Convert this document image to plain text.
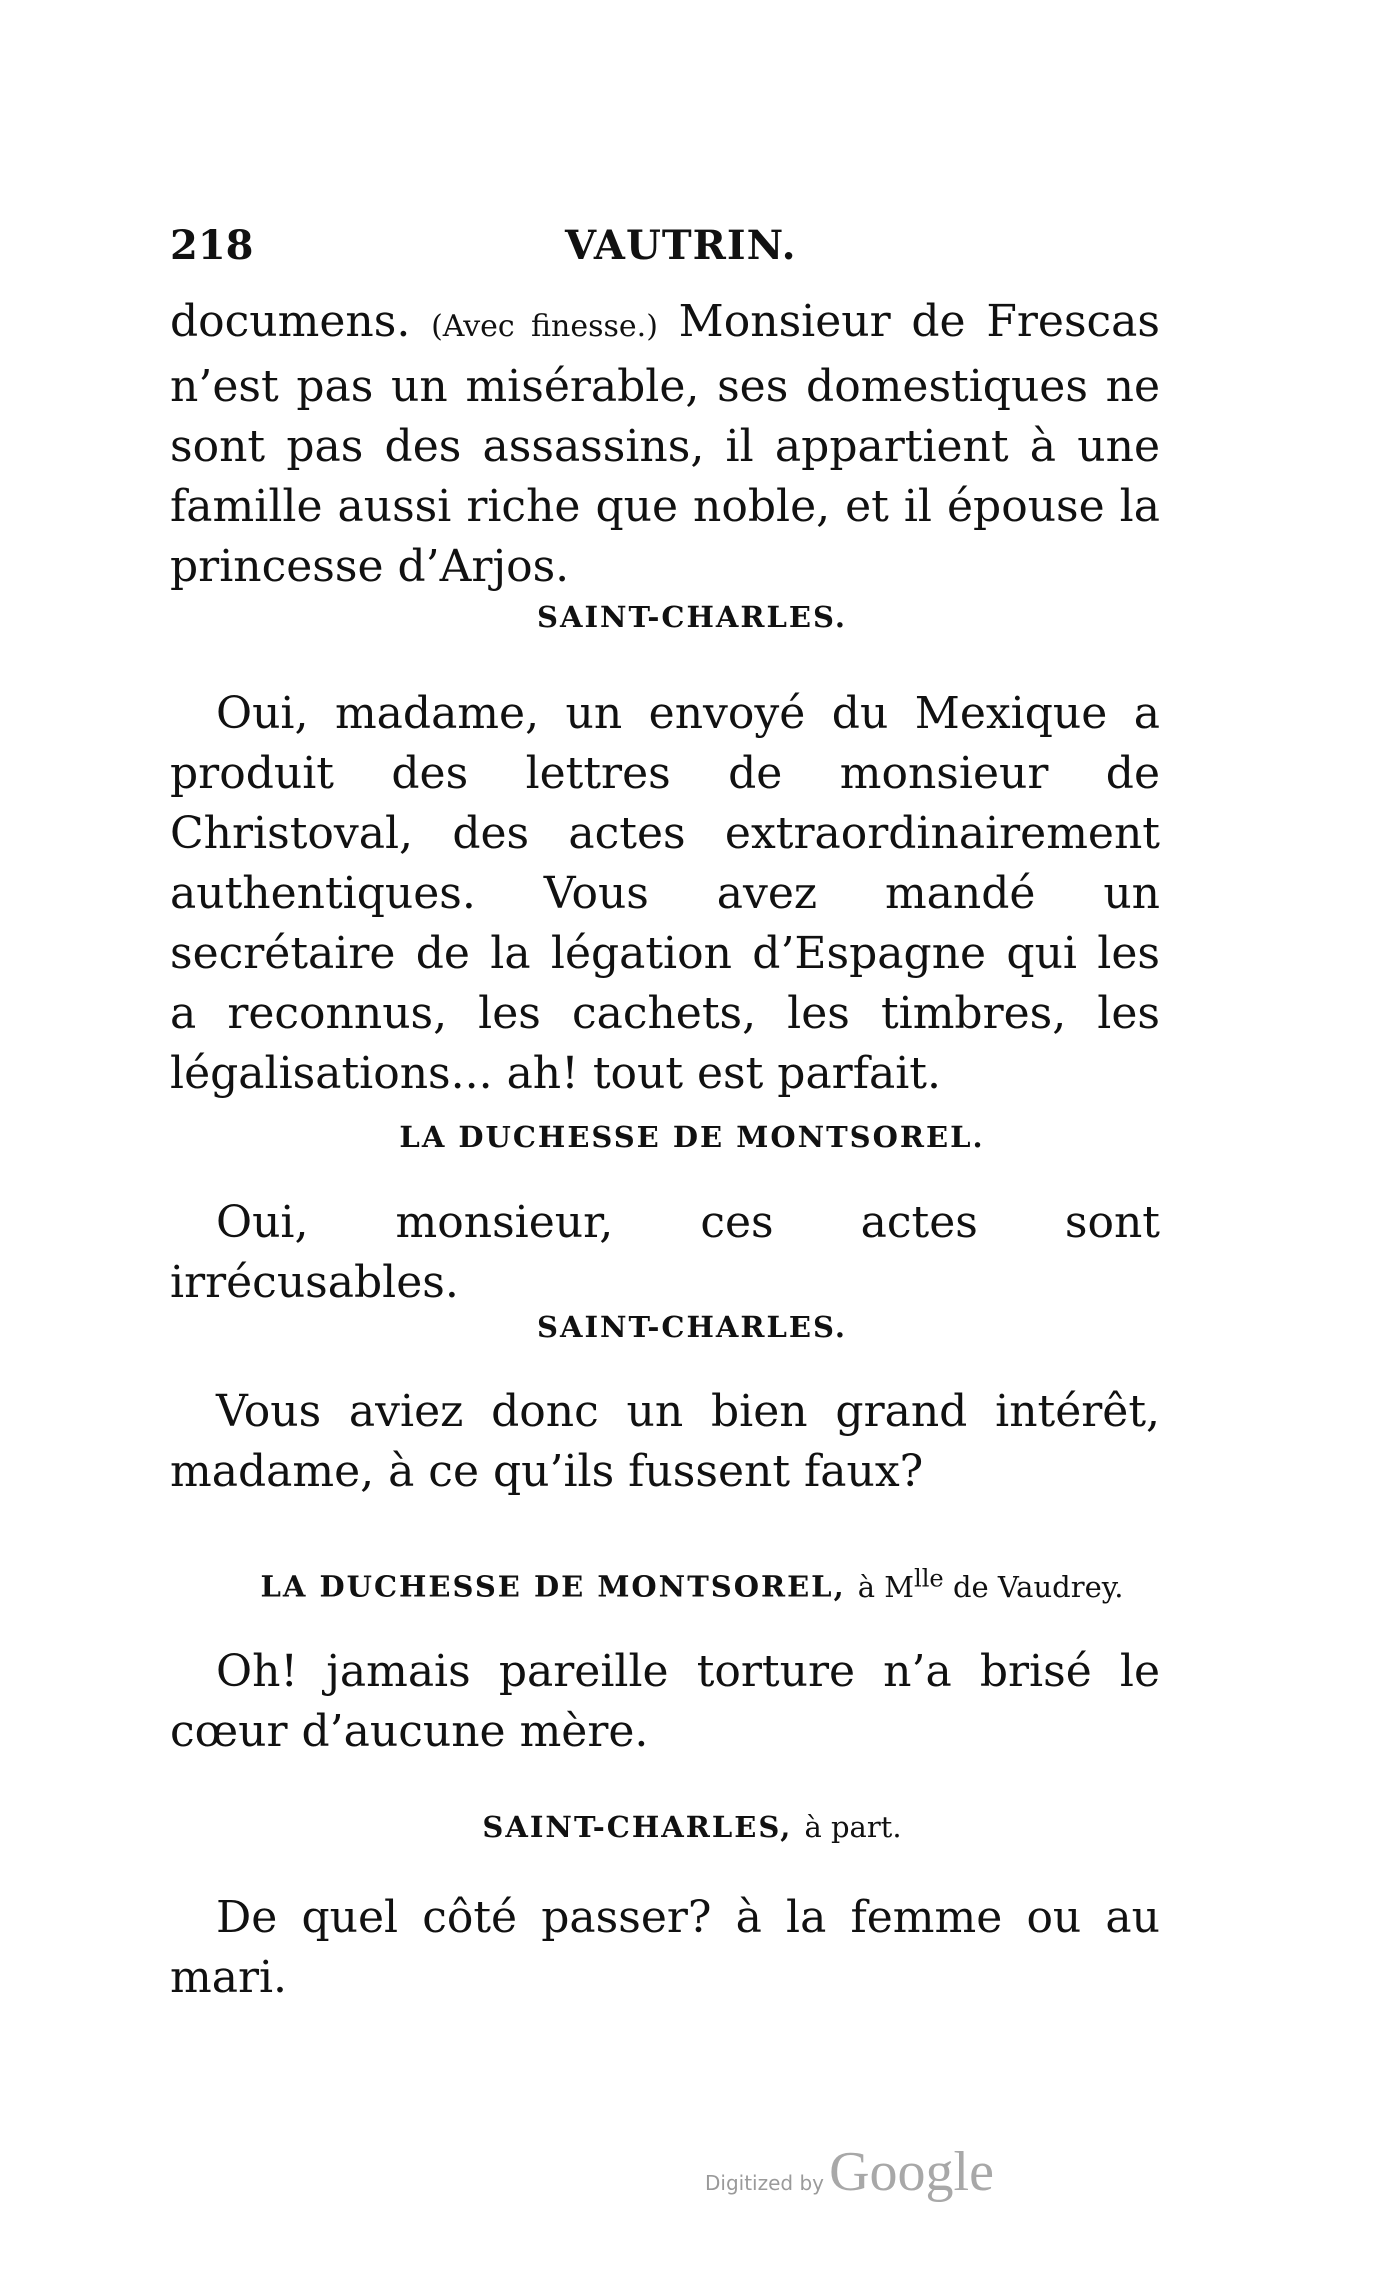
218	VAUTRIN.

documens. (Avec finesse.) Monsieur de Frescas n’est pas un misérable, ses domestiques ne sont pas des assassins, il appartient à une famille aussi riche que noble, et il épouse la princesse d’Arjos.

SAINT-CHARLES.

Oui, madame, un envoyé du Mexique a produit des lettres de monsieur de Christoval, des actes extraordinairement authentiques. Vous avez mandé un secrétaire de la légation d’Espagne qui les a reconnus, les cachets, les timbres, les légalisations... ah! tout est parfait.

LA DUCHESSE DE MONTSOREL.

Oui, monsieur, ces actes sont irrécusables.

SAINT-CHARLES.

Vous aviez donc un bien grand intérêt, madame, à ce qu’ils fussent faux?

LA DUCHESSE DE MONTSOREL, à $M^{lle}$ de Vaudrey.

Oh! jamais pareille torture n’a brisé le cœur d’aucune mère.

SAINT-CHARLES, à part.

De quel côté passer? à la femme ou au mari.

Digitized by Google
